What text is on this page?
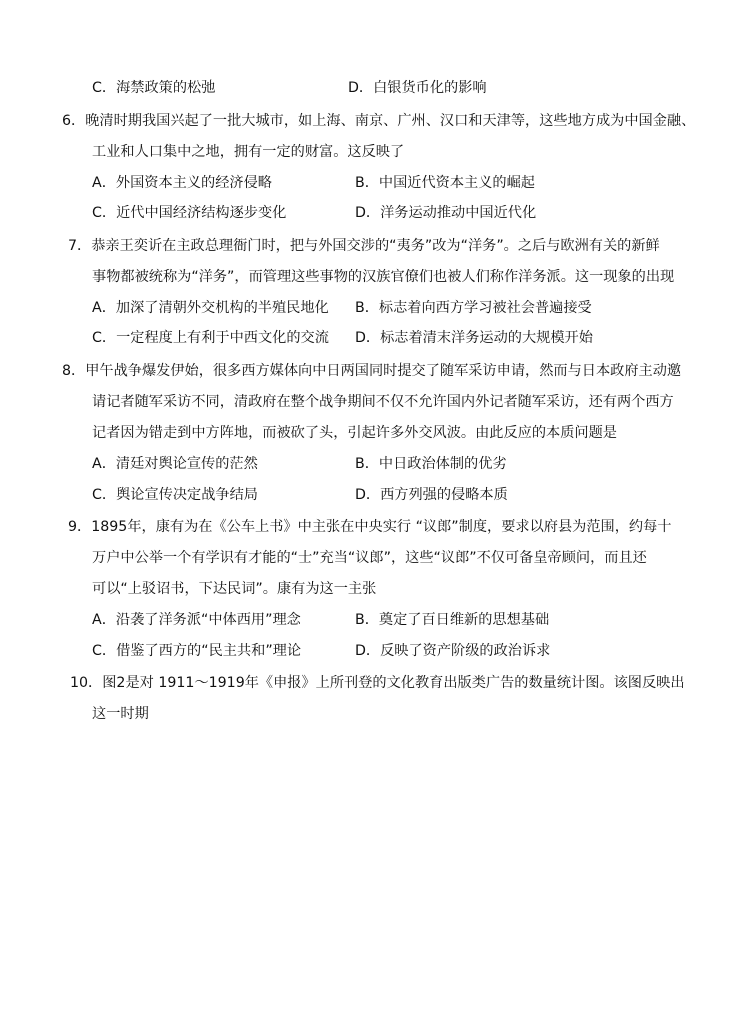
C．海禁政策的松弛	D．白银货币化的影响
6．晚清时期我国兴起了一批大城市，如上海、南京、广州、汉口和天津等，这些地方成为中国金融、
工业和人口集中之地，拥有一定的财富。这反映了
A．外国资本主义的经济侵略	B．中国近代资本主义的崛起
C．近代中国经济结构逐步变化	D．洋务运动推动中国近代化
7．恭亲王奕䜣在主政总理衙门时，把与外国交涉的“夷务”改为“洋务”。之后与欧洲有关的新鲜
事物都被统称为“洋务”，而管理这些事物的汉族官僚们也被人们称作洋务派。这一现象的出现
A．加深了清朝外交机构的半殖民地化 B．标志着向西方学习被社会普遍接受
C．一定程度上有利于中西文化的交流 D．标志着清末洋务运动的大规模开始
8．甲午战争爆发伊始，很多西方媒体向中日两国同时提交了随军采访申请，然而与日本政府主动邀
请记者随军采访不同，清政府在整个战争期间不仅不允许国内外记者随军采访，还有两个西方
记者因为错走到中方阵地，而被砍了头，引起许多外交风波。由此反应的本质问题是
A．清廷对舆论宣传的茫然	B．中日政治体制的优劣
C．舆论宣传决定战争结局	D．西方列强的侵略本质
9．1895年，康有为在《公车上书》中主张在中央实行 “议郎”制度，要求以府县为范围，约每十
万户中公举一个有学识有才能的“士”充当“议郎”，这些“议郎”不仅可备皇帝顾问，而且还
可以“上驳诏书，下达民词”。康有为这一主张
A．沿袭了洋务派“中体西用”理念	B．奠定了百日维新的思想基础
C．借鉴了西方的“民主共和”理论	D．反映了资产阶级的政治诉求
10．图2是对 1911～1919年《申报》上所刊登的文化教育出版类广告的数量统计图。该图反映出
这一时期
